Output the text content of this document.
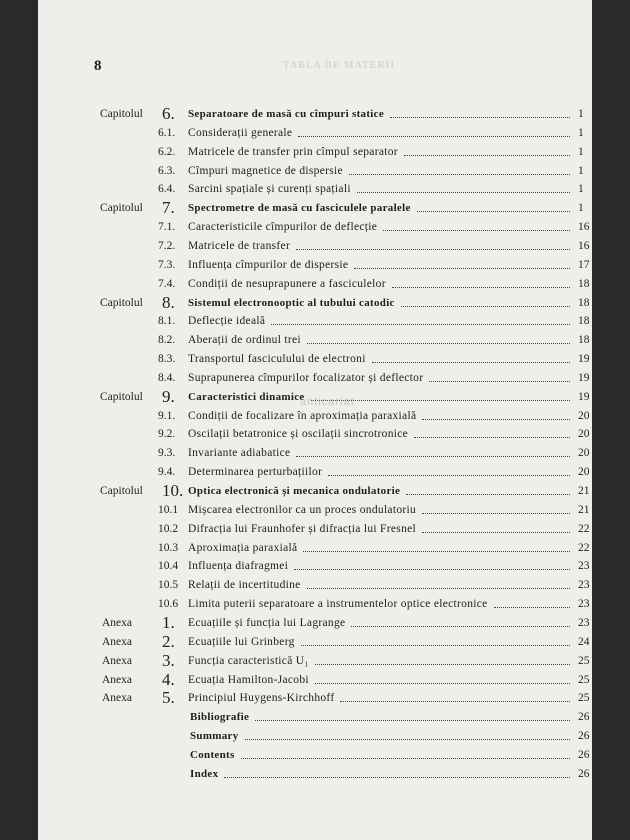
TABLA DE MATERII
8
Capitolul 6. Separatoare de masă cu cîmpuri statice	1
6.1. Considerații generale	1
6.2. Matricele de transfer prin cîmpul separator	1
6.3. Cîmpuri magnetice de dispersie	1
6.4. Sarcini spațiale și curenți spațiali	1
Capitolul 7. Spectrometre de masă cu fasciculele paralele	1
7.1. Caracteristicile cîmpurilor de deflecție	16
7.2. Matricele de transfer	16
7.3. Influența cîmpurilor de dispersie	17
7.4. Condiții de nesuprapunere a fasciculelor	18
Capitolul 8. Sistemul electronooptic al tubului catodic	18
8.1. Deflecție ideală	18
8.2. Aberații de ordinul trei	18
8.3. Transportul fasciculului de electroni	19
8.4. Suprapunerea cîmpurilor focalizator și deflector	19
Capitolul 9. Caracteristici dinamice	19
9.1. Condiții de focalizare în aproximația paraxială	20
9.2. Oscilații betatronice și oscilații sincrotronice	20
9.3. Invariante adiabatice	20
9.4. Determinarea perturbațiilor	20
Capitolul 10. Optica electronică și mecanica ondulatorie	21
10.1 Mișcarea electronilor ca un proces ondulatoriu	21
10.2 Difracția lui Fraunhofer și difracția lui Fresnel	22
10.3 Aproximația paraxială	22
10.4 Influența diafragmei	23
10.5 Relații de incertitudine	23
10.6 Limita puterii separatoare a instrumentelor optice electronice	23
Anexa 1. Ecuațiile și funcția lui Lagrange	23
Anexa 2. Ecuațiile lui Grinberg	24
Anexa 3. Funcția caracteristică U₁	25
Anexa 4. Ecuația Hamilton-Jacobi	25
Anexa 5. Principiul Huygens-Kirchhoff	25
Bibliografie	26
Summary	26
Contents	26
Index	26
anticariat
